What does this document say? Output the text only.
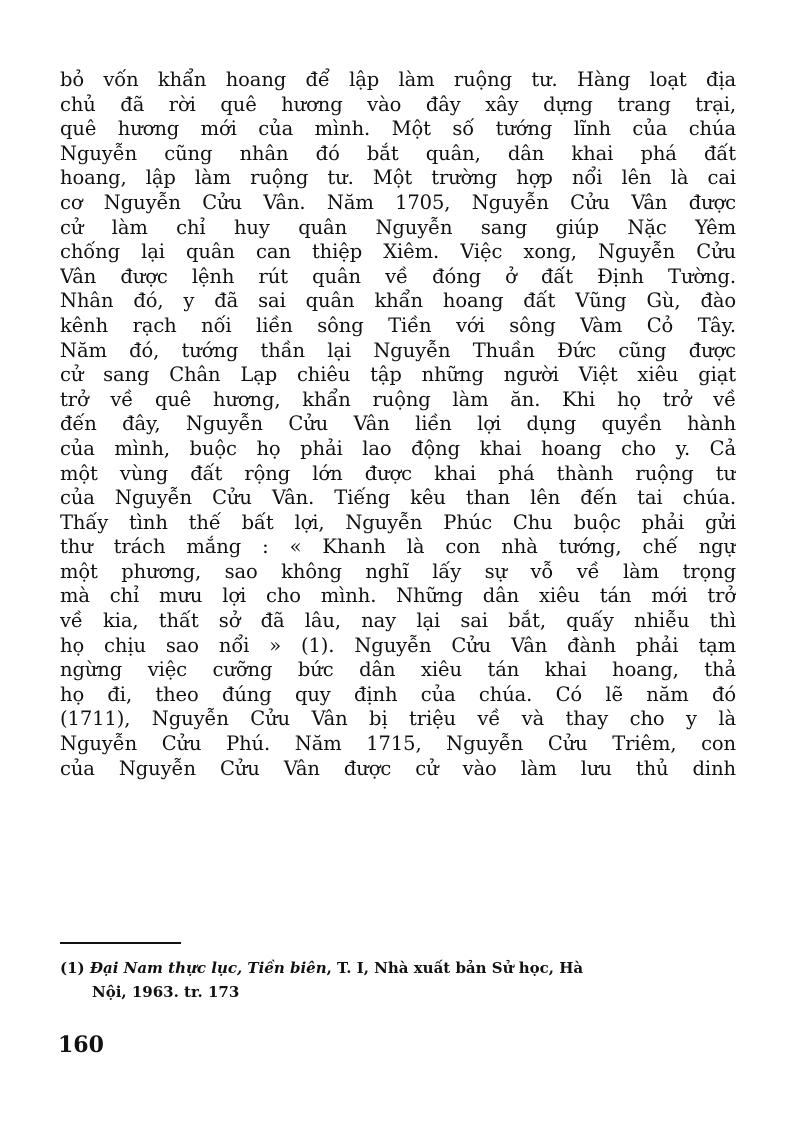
bỏ vốn khẩn hoang để lập làm ruộng tư. Hàng loạt địa
chủ đã rời quê hương vào đây xây dựng trang trại,
quê hương mới của mình. Một số tướng lĩnh của chúa
Nguyễn cũng nhân đó bắt quân, dân khai phá đất
hoang, lập làm ruộng tư. Một trường hợp nổi lên là cai
cơ Nguyễn Cửu Vân. Năm 1705, Nguyễn Cửu Vân được
cử làm chỉ huy quân Nguyễn sang giúp Nặc Yêm
chống lại quân can thiệp Xiêm. Việc xong, Nguyễn Cửu
Vân được lệnh rút quân về đóng ở đất Định Tường.
Nhân đó, y đã sai quân khẩn hoang đất Vũng Gù, đào
kênh rạch nối liền sông Tiền với sông Vàm Cỏ Tây.
Năm đó, tướng thần lại Nguyễn Thuần Đức cũng được
cử sang Chân Lạp chiêu tập những người Việt xiêu giạt
trở về quê hương, khẩn ruộng làm ăn. Khi họ trở về
đến đây, Nguyễn Cửu Vân liền lợi dụng quyền hành
của mình, buộc họ phải lao động khai hoang cho y. Cả
một vùng đất rộng lớn được khai phá thành ruộng tư
của Nguyễn Cửu Vân. Tiếng kêu than lên đến tai chúa.
Thấy tình thế bất lợi, Nguyễn Phúc Chu buộc phải gửi
thư trách mắng : « Khanh là con nhà tướng, chế ngự
một phương, sao không nghĩ lấy sự vỗ về làm trọng
mà chỉ mưu lợi cho mình. Những dân xiêu tán mới trở
về kia, thất sở đã lâu, nay lại sai bắt, quấy nhiễu thì
họ chịu sao nổi » (1). Nguyễn Cửu Vân đành phải tạm
ngừng việc cưỡng bức dân xiêu tán khai hoang, thả
họ đi, theo đúng quy định của chúa. Có lẽ năm đó
(1711), Nguyễn Cửu Vân bị triệu về và thay cho y là
Nguyễn Cửu Phú. Năm 1715, Nguyễn Cửu Triêm, con
của Nguyễn Cửu Vân được cử vào làm lưu thủ dinh
(1) Đại Nam thực lục, Tiền biên, T. I, Nhà xuất bản Sử học, Hà
Nội, 1963. tr. 173
160
